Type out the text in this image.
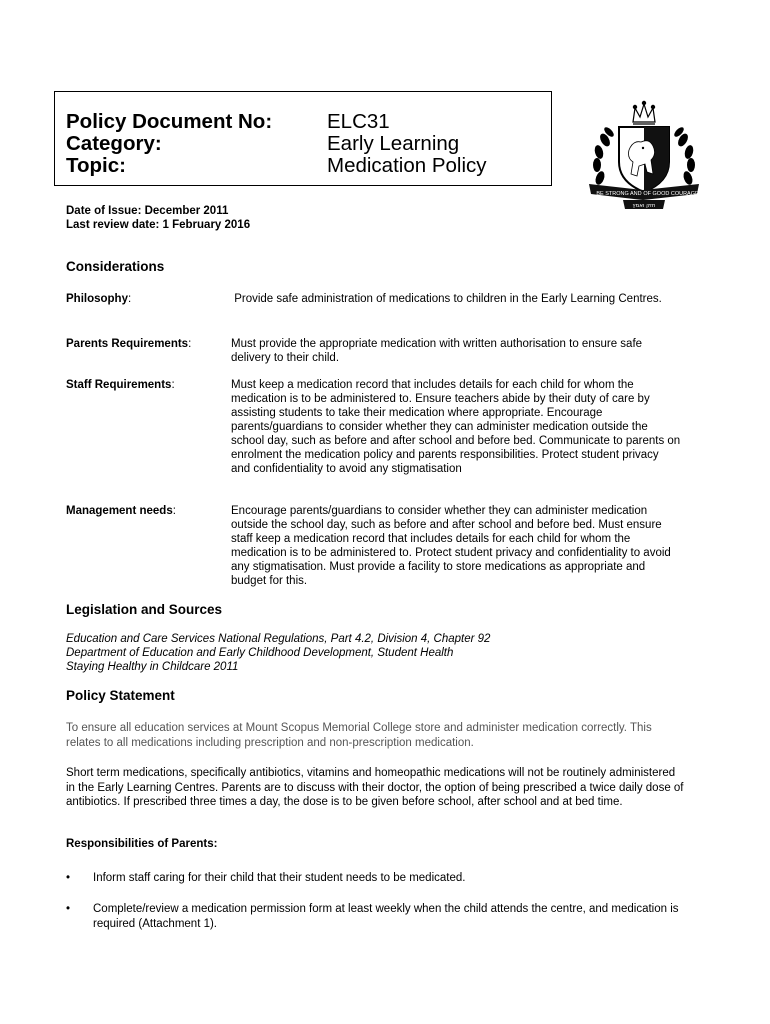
Policy Document No:	ELC31
Category:	Early Learning
Topic:	Medication Policy
BE STRONG AND OF GOOD COURAGE
חזק ואמץ
Date of Issue: December 2011
Last review date: 1 February 2016
Considerations
Philosophy:	Provide safe administration of medications to children in the Early Learning Centres.

Parents Requirements:	Must provide the appropriate medication with written authorisation to ensure safe delivery to their child.

Staff Requirements:	Must keep a medication record that includes details for each child for whom the medication is to be administered to. Ensure teachers abide by their duty of care by assisting students to take their medication where appropriate. Encourage parents/guardians to consider whether they can administer medication outside the school day, such as before and after school and before bed. Communicate to parents on enrolment the medication policy and parents responsibilities. Protect student privacy and confidentiality to avoid any stigmatisation

Management needs:	Encourage parents/guardians to consider whether they can administer medication outside the school day, such as before and after school and before bed. Must ensure staff keep a medication record that includes details for each child for whom the medication is to be administered to. Protect student privacy and confidentiality to avoid any stigmatisation. Must provide a facility to store medications as appropriate and budget for this.

Legislation and Sources
Education and Care Services National Regulations, Part 4.2, Division 4, Chapter 92
Department of Education and Early Childhood Development, Student Health
Staying Healthy in Childcare 2011
Policy Statement

To ensure all education services at Mount Scopus Memorial College store and administer medication correctly. This relates to all medications including prescription and non-prescription medication.

Short term medications, specifically antibiotics, vitamins and homeopathic medications will not be routinely administered in the Early Learning Centres. Parents are to discuss with their doctor, the option of being prescribed a twice daily dose of antibiotics. If prescribed three times a day, the dose is to be given before school, after school and at bed time.

Responsibilities of Parents:
• Inform staff caring for their child that their student needs to be medicated.
• Complete/review a medication permission form at least weekly when the child attends the centre, and medication is required (Attachment 1).
